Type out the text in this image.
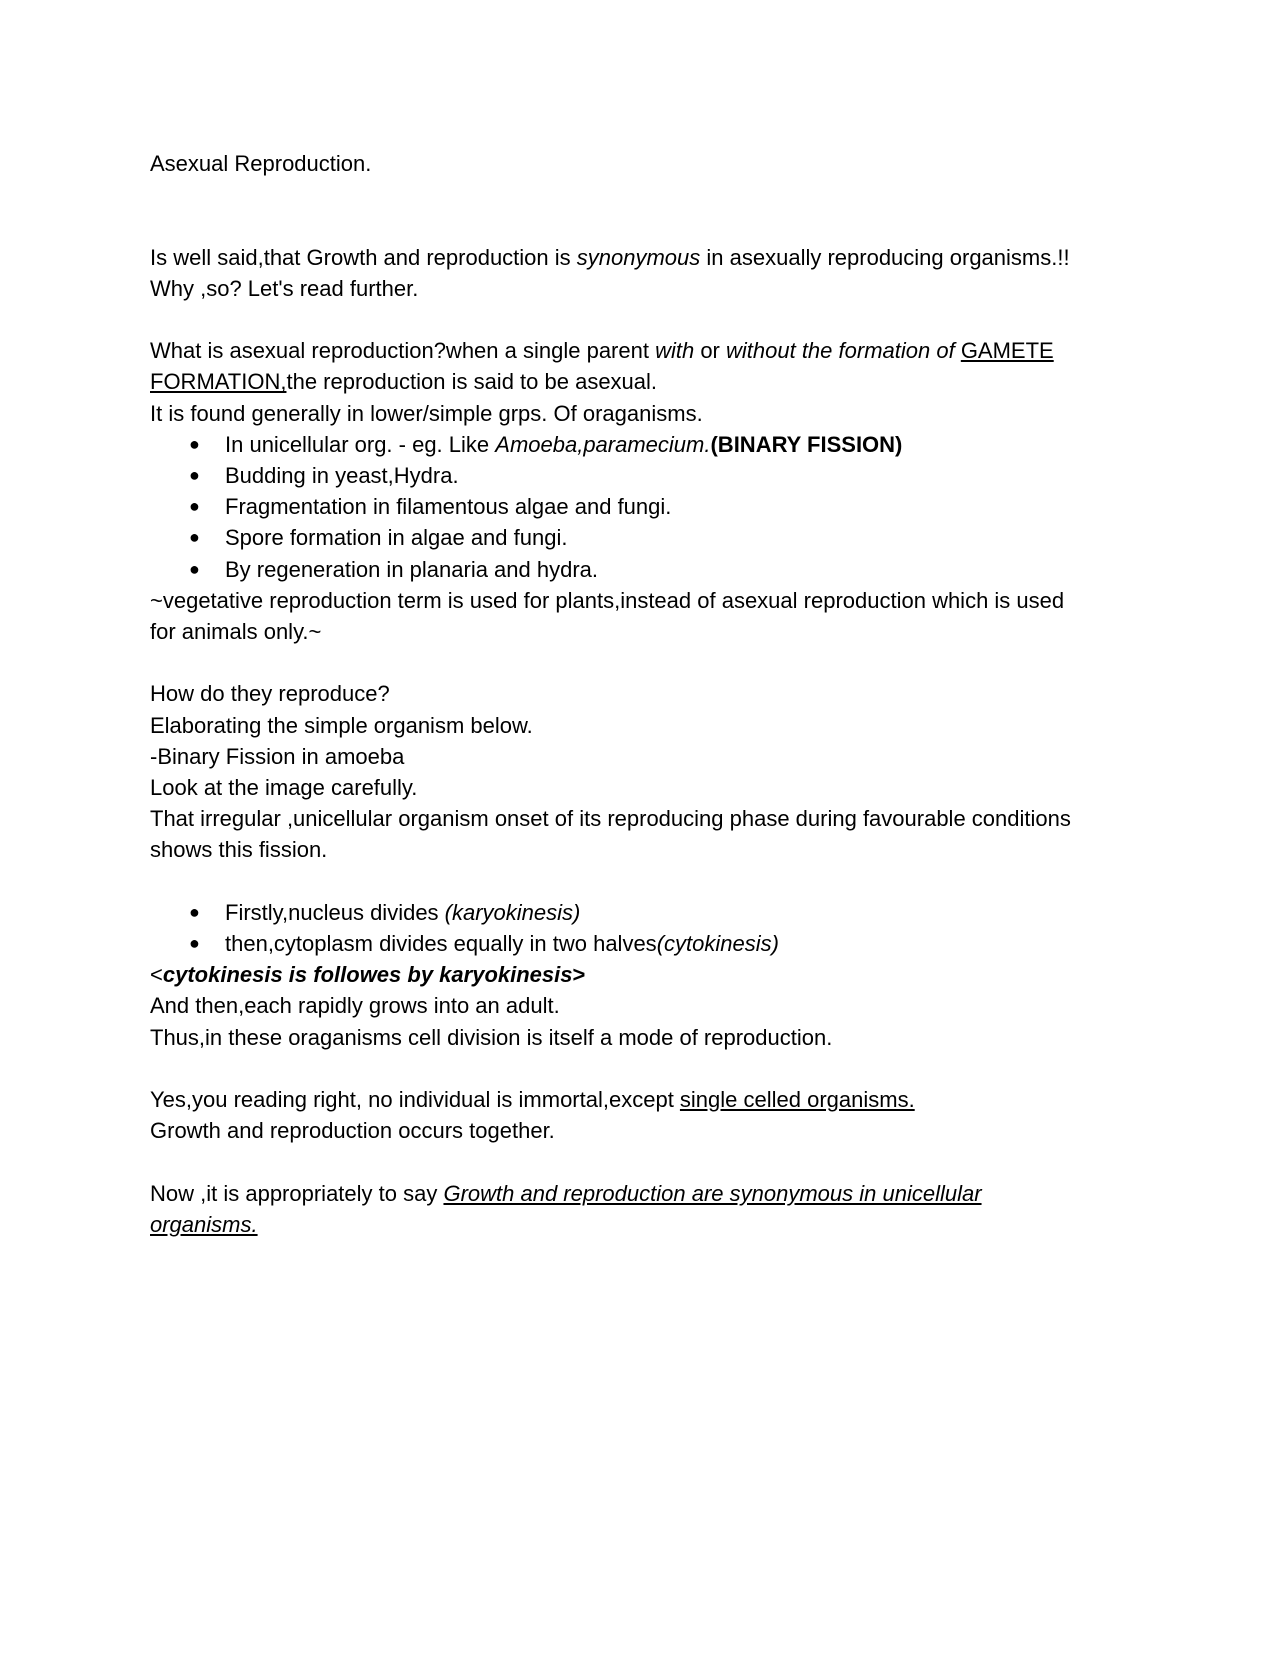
Asexual Reproduction.

Is well said,that Growth and reproduction is synonymous in asexually reproducing organisms.!!

Why ,so? Let's read further.

What is asexual reproduction?when a single parent with or without the formation of GAMETE

FORMATION,the reproduction is said to be asexual.

It is found generally in lower/simple grps. Of oraganisms.

● In unicellular org. - eg. Like Amoeba,paramecium.(BINARY FISSION)
● Budding in yeast,Hydra.
● Fragmentation in filamentous algae and fungi.
● Spore formation in algae and fungi.
● By regeneration in planaria and hydra.

~vegetative reproduction term is used for plants,instead of asexual reproduction which is used

for animals only.~

How do they reproduce?

Elaborating the simple organism below.

-Binary Fission in amoeba

Look at the image carefully.

That irregular ,unicellular organism onset of its reproducing phase during favourable conditions

shows this fission.

● Firstly,nucleus divides (karyokinesis)
● then,cytoplasm divides equally in two halves(cytokinesis)

<cytokinesis is followes by karyokinesis>

And then,each rapidly grows into an adult.

Thus,in these oraganisms cell division is itself a mode of reproduction.

Yes,you reading right, no individual is immortal,except single celled organisms.

Growth and reproduction occurs together.

Now ,it is appropriately to say Growth and reproduction are synonymous in unicellular

organisms.
